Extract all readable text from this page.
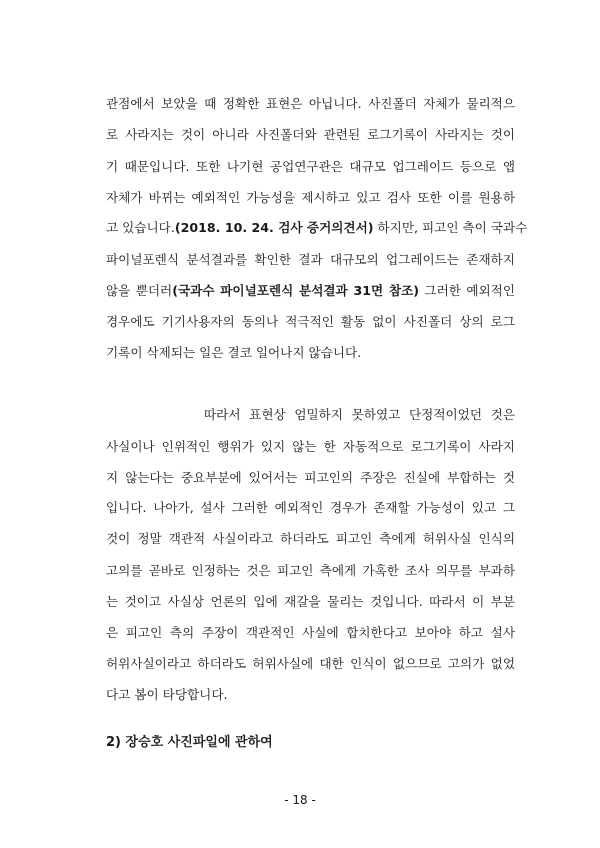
관점에서 보았을 때 정확한 표현은 아닙니다. 사진폴더 자체가 물리적으
로 사라지는 것이 아니라 사진폴더와 관련된 로그기록이 사라지는 것이
기 때문입니다. 또한 나기현 공업연구관은 대규모 업그레이드 등으로 앱
자체가 바뀌는 예외적인 가능성을 제시하고 있고 검사 또한 이를 원용하
고 있습니다.(2018. 10. 24. 검사 증거의견서) 하지만, 피고인 측이 국과수
파이널포렌식 분석결과를 확인한 결과 대규모의 업그레이드는 존재하지
않을 뿐더러(국과수 파이널포렌식 분석결과 31면 참조) 그러한 예외적인
경우에도 기기사용자의 동의나 적극적인 활동 없이 사진폴더 상의 로그
기록이 삭제되는 일은 결코 일어나지 않습니다.
따라서 표현상 엄밀하지 못하였고 단정적이었던 것은
사실이나 인위적인 행위가 있지 않는 한 자동적으로 로그기록이 사라지
지 않는다는 중요부분에 있어서는 피고인의 주장은 진실에 부합하는 것
입니다. 나아가, 설사 그러한 예외적인 경우가 존재할 가능성이 있고 그
것이 정말 객관적 사실이라고 하더라도 피고인 측에게 허위사실 인식의
고의를 곧바로 인정하는 것은 피고인 측에게 가혹한 조사 의무를 부과하
는 것이고 사실상 언론의 입에 재갈을 물리는 것입니다. 따라서 이 부분
은 피고인 측의 주장이 객관적인 사실에 합치한다고 보아야 하고 설사
허위사실이라고 하더라도 허위사실에 대한 인식이 없으므로 고의가 없었
다고 봄이 타당합니다.
2) 장승호 사진파일에 관하여
- 18 -
